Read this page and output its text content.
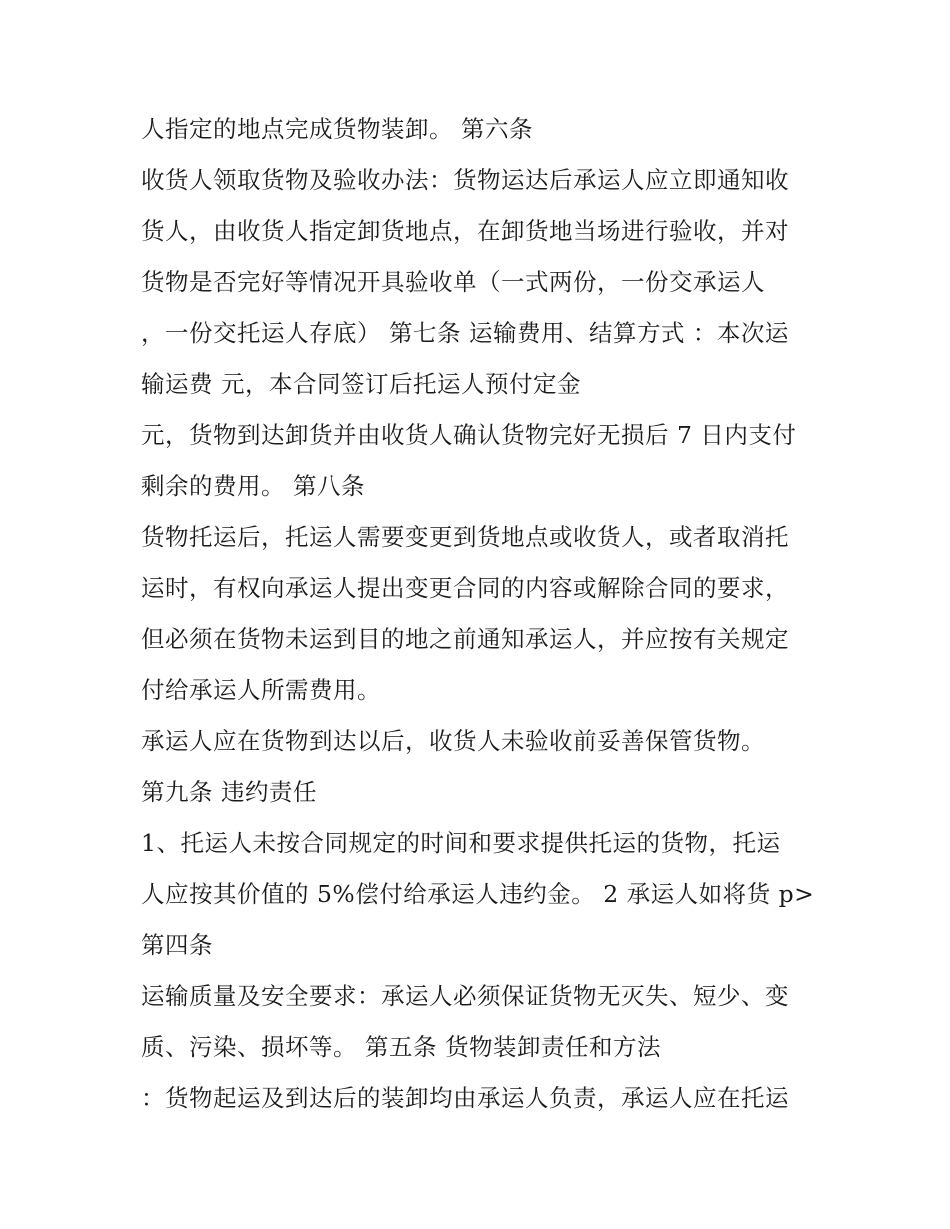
人指定的地点完成货物装卸。 第六条
收货人领取货物及验收办法：货物运达后承运人应立即通知收
货人，由收货人指定卸货地点，在卸货地当场进行验收，并对
货物是否完好等情况开具验收单（一式两份，一份交承运人
，一份交托运人存底） 第七条 运输费用、结算方式 ：本次运
输运费 元，本合同签订后托运人预付定金
元，货物到达卸货并由收货人确认货物完好无损后 7 日内支付
剩余的费用。 第八条
货物托运后，托运人需要变更到货地点或收货人，或者取消托
运时，有权向承运人提出变更合同的内容或解除合同的要求，
但必须在货物未运到目的地之前通知承运人，并应按有关规定
付给承运人所需费用。
承运人应在货物到达以后，收货人未验收前妥善保管货物。
第九条 违约责任
1、托运人未按合同规定的时间和要求提供托运的货物，托运
人应按其价值的 5%偿付给承运人违约金。 2 承运人如将货 p>
第四条
运输质量及安全要求：承运人必须保证货物无灭失、短少、变
质、污染、损坏等。 第五条 货物装卸责任和方法
：货物起运及到达后的装卸均由承运人负责，承运人应在托运
